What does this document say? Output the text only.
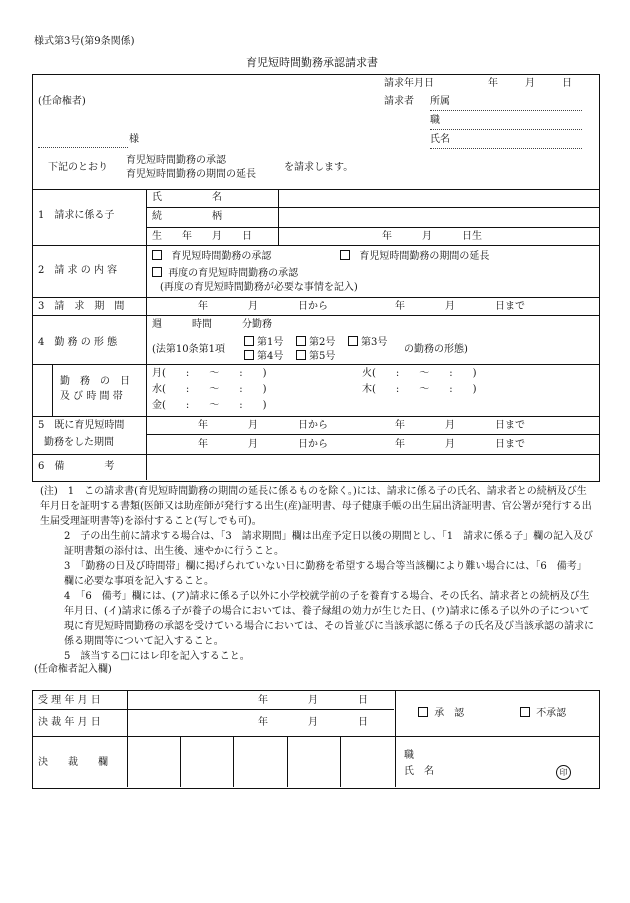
様式第3号(第9条関係)
育児短時間勤務承認請求書
請求年月日	年	月	日
(任命権者)	請求者 所属
職
氏名
様
下記のとおり
育児短時間勤務の承認
育児短時間勤務の期間の延長
を請求します。
1　請求に係る子
氏　　　　　名
続　　　　　柄
生　　年　　月　　日	年　　　月　　　日生
2　請 求 の 内 容
育児短時間勤務の承認	育児短時間勤務の期間の延長
再度の育児短時間勤務の承認
(再度の育児短時間勤務が必要な事情を記入)
3　請　求　期　間	年　　　　月　　　　日から	年　　　　月　　　　日まで
4　勤 務 の 形 態
週　　　時間　　　分勤務
(法第10条第1項
第1号	第2号	第3号
第4号	第5号
の勤務の形態)
勤　務　の　日
及 び 時 間 帯
月(　　:　　〜　　:　　)	火(　　:　　〜　　:　　)
水(　　:　　〜　　:　　)	木(　　:　　〜　　:　　)
金(　　:　　〜　　:　　)
5　既に育児短時間
勤務をした期間
年　　　　月　　　　日から	年　　　　月　　　　日まで
年　　　　月　　　　日から	年　　　　月　　　　日まで
6　備　　　　考

(注)　1　この請求書(育児短時間勤務の期間の延長に係るものを除く。)には、請求に係る子の氏名、請求者との続柄及び生年月日を証明する書類(医師又は助産師が発行する出生(産)証明書、母子健康手帳の出生届出済証明書、官公署が発行する出生届受理証明書等)を添付すること(写しでも可)。

2　子の出生前に請求する場合は、「3　請求期間」欄は出産予定日以後の期間とし、「1　請求に係る子」欄の記入及び証明書類の添付は、出生後、速やかに行うこと。

3　「勤務の日及び時間帯」欄に掲げられていない日に勤務を希望する場合等当該欄により難い場合には、「6　備考」欄に必要な事項を記入すること。

4　「6　備考」欄には、(ア)請求に係る子以外に小学校就学前の子を養育する場合、その氏名、請求者との続柄及び生年月日、(イ)請求に係る子が養子の場合においては、養子縁組の効力が生じた日、(ウ)請求に係る子以外の子について現に育児短時間勤務の承認を受けている場合においては、その旨並びに当該承認に係る子の氏名及び当該承認の請求に係る期間等について記入すること。

5　該当する□にはレ印を記入すること。

(任命権者記入欄)
受 理 年 月 日	年　　　　月　　　　日
決 裁 年 月 日	年　　　　月　　　　日
承　認	不承認
決　　裁　　欄
職
氏　名	印
